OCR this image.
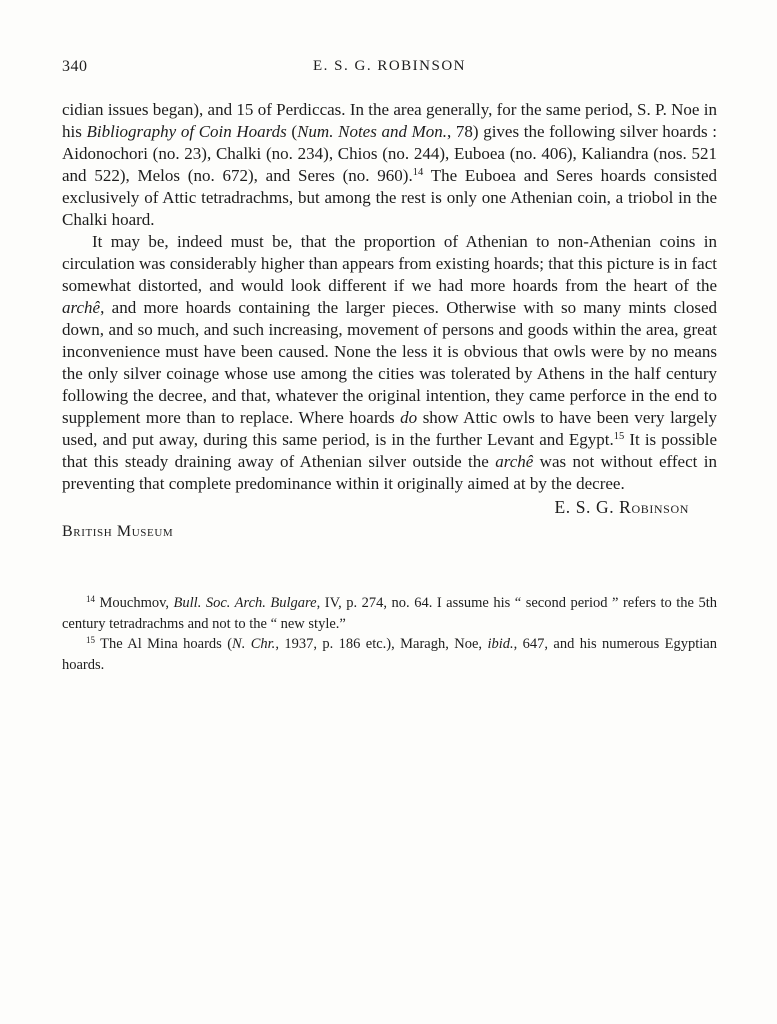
340	E. S. G. ROBINSON

cidian issues began), and 15 of Perdiccas. In the area generally, for the same period, S. P. Noe in his Bibliography of Coin Hoards (Num. Notes and Mon., 78) gives the following silver hoards : Aidonochori (no. 23), Chalki (no. 234), Chios (no. 244), Euboea (no. 406), Kaliandra (nos. 521 and 522), Melos (no. 672), and Seres (no. 960).$^{14}$ The Euboea and Seres hoards consisted exclusively of Attic tetradrachms, but among the rest is only one Athenian coin, a triobol in the Chalki hoard.

It may be, indeed must be, that the proportion of Athenian to non-Athenian coins in circulation was considerably higher than appears from existing hoards; that this picture is in fact somewhat distorted, and would look different if we had more hoards from the heart of the archê, and more hoards containing the larger pieces. Otherwise with so many mints closed down, and so much, and such increasing, movement of persons and goods within the area, great inconvenience must have been caused. None the less it is obvious that owls were by no means the only silver coinage whose use among the cities was tolerated by Athens in the half century following the decree, and that, whatever the original intention, they came perforce in the end to supplement more than to replace. Where hoards do show Attic owls to have been very largely used, and put away, during this same period, is in the further Levant and Egypt.$^{15}$ It is possible that this steady draining away of Athenian silver outside the archê was not without effect in preventing that complete predominance within it originally aimed at by the decree.

E. S. G. Robinson
British Museum

$^{14}$ Mouchmov, Bull. Soc. Arch. Bulgare, IV, p. 274, no. 64. I assume his “ second period ” refers to the 5th century tetradrachms and not to the “ new style.”

$^{15}$ The Al Mina hoards (N. Chr., 1937, p. 186 etc.), Maragh, Noe, ibid., 647, and his numerous Egyptian hoards.
